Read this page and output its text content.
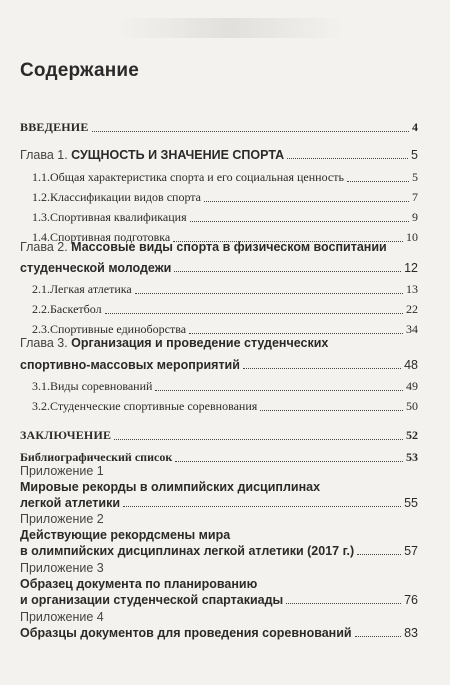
Содержание
ВВЕДЕНИЕ	4
Глава 1. СУЩНОСТЬ И ЗНАЧЕНИЕ СПОРТА	5
1.1.Общая характеристика спорта и его социальная ценность	5
1.2.Классификации видов спорта	7
1.3.Спортивная квалификация	9
1.4.Спортивная подготовка	10
Глава 2. Массовые виды спорта в физическом воспитании
студенческой молодежи	12
2.1.Легкая атлетика	13
2.2.Баскетбол	22
2.3.Спортивные единоборства	34
Глава 3. Организация и проведение студенческих
спортивно-массовых мероприятий	48
3.1.Виды соревнований	49
3.2.Студенческие спортивные соревнования	50
ЗАКЛЮЧЕНИЕ	52
Библиографический список	53
Приложение 1
Мировые рекорды в олимпийских дисциплинах
легкой атлетики	55
Приложение 2
Действующие рекордсмены мира
в олимпийских дисциплинах легкой атлетики (2017 г.)	57
Приложение 3
Образец документа по планированию
и организации студенческой спартакиады	76
Приложение 4
Образцы документов для проведения соревнований	83
